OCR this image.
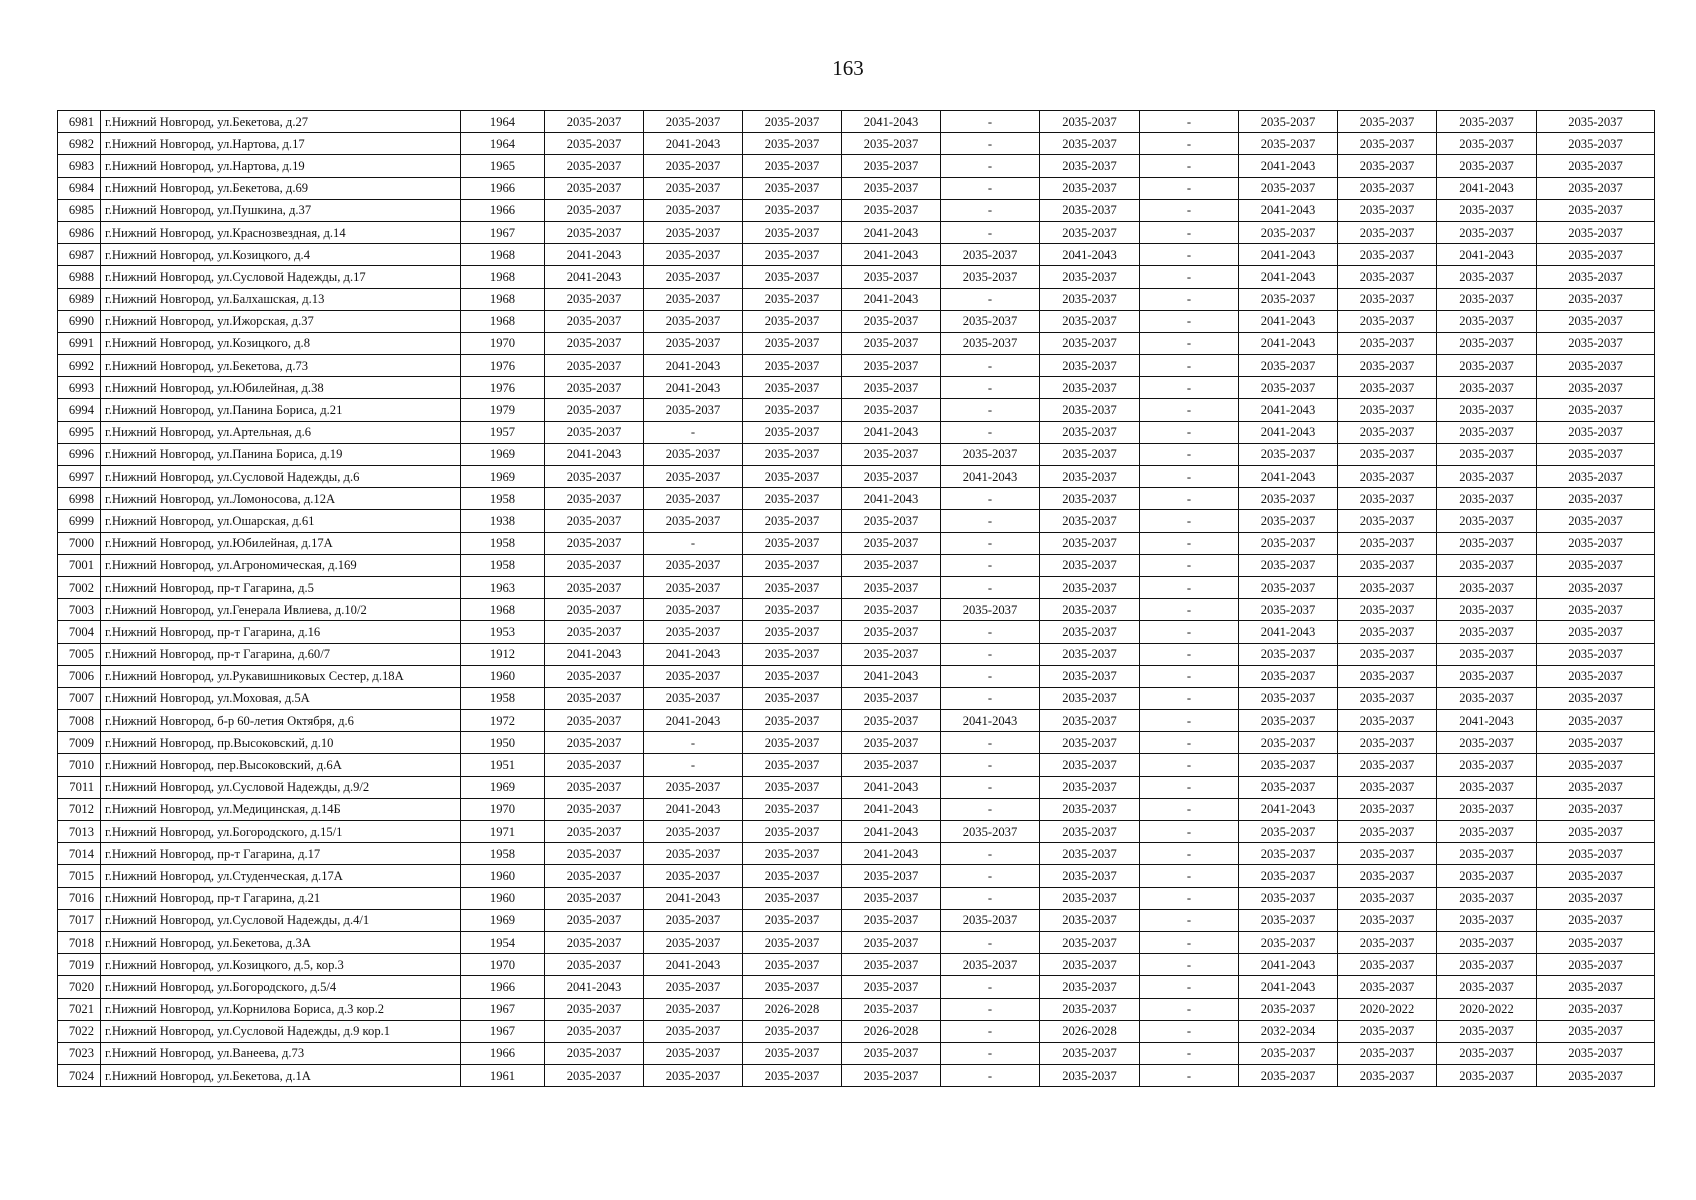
163
6981	г.Нижний Новгород, ул.Бекетова, д.27	1964	2035-2037	2035-2037	2035-2037	2041-2043	-	2035-2037	-	2035-2037	2035-2037	2035-2037	2035-2037
6982	г.Нижний Новгород, ул.Нартова, д.17	1964	2035-2037	2041-2043	2035-2037	2035-2037	-	2035-2037	-	2035-2037	2035-2037	2035-2037	2035-2037
6983	г.Нижний Новгород, ул.Нартова, д.19	1965	2035-2037	2035-2037	2035-2037	2035-2037	-	2035-2037	-	2041-2043	2035-2037	2035-2037	2035-2037
6984	г.Нижний Новгород, ул.Бекетова, д.69	1966	2035-2037	2035-2037	2035-2037	2035-2037	-	2035-2037	-	2035-2037	2035-2037	2041-2043	2035-2037
6985	г.Нижний Новгород, ул.Пушкина, д.37	1966	2035-2037	2035-2037	2035-2037	2035-2037	-	2035-2037	-	2041-2043	2035-2037	2035-2037	2035-2037
6986	г.Нижний Новгород, ул.Краснозвездная, д.14	1967	2035-2037	2035-2037	2035-2037	2041-2043	-	2035-2037	-	2035-2037	2035-2037	2035-2037	2035-2037
6987	г.Нижний Новгород, ул.Козицкого, д.4	1968	2041-2043	2035-2037	2035-2037	2041-2043	2035-2037	2041-2043	-	2041-2043	2035-2037	2041-2043	2035-2037
6988	г.Нижний Новгород, ул.Сусловой Надежды, д.17	1968	2041-2043	2035-2037	2035-2037	2035-2037	2035-2037	2035-2037	-	2041-2043	2035-2037	2035-2037	2035-2037
6989	г.Нижний Новгород, ул.Балхашская, д.13	1968	2035-2037	2035-2037	2035-2037	2041-2043	-	2035-2037	-	2035-2037	2035-2037	2035-2037	2035-2037
6990	г.Нижний Новгород, ул.Ижорская, д.37	1968	2035-2037	2035-2037	2035-2037	2035-2037	2035-2037	2035-2037	-	2041-2043	2035-2037	2035-2037	2035-2037
6991	г.Нижний Новгород, ул.Козицкого, д.8	1970	2035-2037	2035-2037	2035-2037	2035-2037	2035-2037	2035-2037	-	2041-2043	2035-2037	2035-2037	2035-2037
6992	г.Нижний Новгород, ул.Бекетова, д.73	1976	2035-2037	2041-2043	2035-2037	2035-2037	-	2035-2037	-	2035-2037	2035-2037	2035-2037	2035-2037
6993	г.Нижний Новгород, ул.Юбилейная, д.38	1976	2035-2037	2041-2043	2035-2037	2035-2037	-	2035-2037	-	2035-2037	2035-2037	2035-2037	2035-2037
6994	г.Нижний Новгород, ул.Панина Бориса, д.21	1979	2035-2037	2035-2037	2035-2037	2035-2037	-	2035-2037	-	2041-2043	2035-2037	2035-2037	2035-2037
6995	г.Нижний Новгород, ул.Артельная, д.6	1957	2035-2037	-	2035-2037	2041-2043	-	2035-2037	-	2041-2043	2035-2037	2035-2037	2035-2037
6996	г.Нижний Новгород, ул.Панина Бориса, д.19	1969	2041-2043	2035-2037	2035-2037	2035-2037	2035-2037	2035-2037	-	2035-2037	2035-2037	2035-2037	2035-2037
6997	г.Нижний Новгород, ул.Сусловой Надежды, д.6	1969	2035-2037	2035-2037	2035-2037	2035-2037	2041-2043	2035-2037	-	2041-2043	2035-2037	2035-2037	2035-2037
6998	г.Нижний Новгород, ул.Ломоносова, д.12А	1958	2035-2037	2035-2037	2035-2037	2041-2043	-	2035-2037	-	2035-2037	2035-2037	2035-2037	2035-2037
6999	г.Нижний Новгород, ул.Ошарская, д.61	1938	2035-2037	2035-2037	2035-2037	2035-2037	-	2035-2037	-	2035-2037	2035-2037	2035-2037	2035-2037
7000	г.Нижний Новгород, ул.Юбилейная, д.17А	1958	2035-2037	-	2035-2037	2035-2037	-	2035-2037	-	2035-2037	2035-2037	2035-2037	2035-2037
7001	г.Нижний Новгород, ул.Агрономическая, д.169	1958	2035-2037	2035-2037	2035-2037	2035-2037	-	2035-2037	-	2035-2037	2035-2037	2035-2037	2035-2037
7002	г.Нижний Новгород, пр-т Гагарина, д.5	1963	2035-2037	2035-2037	2035-2037	2035-2037	-	2035-2037	-	2035-2037	2035-2037	2035-2037	2035-2037
7003	г.Нижний Новгород, ул.Генерала Ивлиева, д.10/2	1968	2035-2037	2035-2037	2035-2037	2035-2037	2035-2037	2035-2037	-	2035-2037	2035-2037	2035-2037	2035-2037
7004	г.Нижний Новгород, пр-т Гагарина, д.16	1953	2035-2037	2035-2037	2035-2037	2035-2037	-	2035-2037	-	2041-2043	2035-2037	2035-2037	2035-2037
7005	г.Нижний Новгород, пр-т Гагарина, д.60/7	1912	2041-2043	2041-2043	2035-2037	2035-2037	-	2035-2037	-	2035-2037	2035-2037	2035-2037	2035-2037
7006	г.Нижний Новгород, ул.Рукавишниковых Сестер, д.18А	1960	2035-2037	2035-2037	2035-2037	2041-2043	-	2035-2037	-	2035-2037	2035-2037	2035-2037	2035-2037
7007	г.Нижний Новгород, ул.Моховая, д.5А	1958	2035-2037	2035-2037	2035-2037	2035-2037	-	2035-2037	-	2035-2037	2035-2037	2035-2037	2035-2037
7008	г.Нижний Новгород, б-р 60-летия Октября, д.6	1972	2035-2037	2041-2043	2035-2037	2035-2037	2041-2043	2035-2037	-	2035-2037	2035-2037	2041-2043	2035-2037
7009	г.Нижний Новгород, пр.Высоковский, д.10	1950	2035-2037	-	2035-2037	2035-2037	-	2035-2037	-	2035-2037	2035-2037	2035-2037	2035-2037
7010	г.Нижний Новгород, пер.Высоковский, д.6А	1951	2035-2037	-	2035-2037	2035-2037	-	2035-2037	-	2035-2037	2035-2037	2035-2037	2035-2037
7011	г.Нижний Новгород, ул.Сусловой Надежды, д.9/2	1969	2035-2037	2035-2037	2035-2037	2041-2043	-	2035-2037	-	2035-2037	2035-2037	2035-2037	2035-2037
7012	г.Нижний Новгород, ул.Медицинская, д.14Б	1970	2035-2037	2041-2043	2035-2037	2041-2043	-	2035-2037	-	2041-2043	2035-2037	2035-2037	2035-2037
7013	г.Нижний Новгород, ул.Богородского, д.15/1	1971	2035-2037	2035-2037	2035-2037	2041-2043	2035-2037	2035-2037	-	2035-2037	2035-2037	2035-2037	2035-2037
7014	г.Нижний Новгород, пр-т Гагарина, д.17	1958	2035-2037	2035-2037	2035-2037	2041-2043	-	2035-2037	-	2035-2037	2035-2037	2035-2037	2035-2037
7015	г.Нижний Новгород, ул.Студенческая, д.17А	1960	2035-2037	2035-2037	2035-2037	2035-2037	-	2035-2037	-	2035-2037	2035-2037	2035-2037	2035-2037
7016	г.Нижний Новгород, пр-т Гагарина, д.21	1960	2035-2037	2041-2043	2035-2037	2035-2037	-	2035-2037	-	2035-2037	2035-2037	2035-2037	2035-2037
7017	г.Нижний Новгород, ул.Сусловой Надежды, д.4/1	1969	2035-2037	2035-2037	2035-2037	2035-2037	2035-2037	2035-2037	-	2035-2037	2035-2037	2035-2037	2035-2037
7018	г.Нижний Новгород, ул.Бекетова, д.3А	1954	2035-2037	2035-2037	2035-2037	2035-2037	-	2035-2037	-	2035-2037	2035-2037	2035-2037	2035-2037
7019	г.Нижний Новгород, ул.Козицкого, д.5, кор.3	1970	2035-2037	2041-2043	2035-2037	2035-2037	2035-2037	2035-2037	-	2041-2043	2035-2037	2035-2037	2035-2037
7020	г.Нижний Новгород, ул.Богородского, д.5/4	1966	2041-2043	2035-2037	2035-2037	2035-2037	-	2035-2037	-	2041-2043	2035-2037	2035-2037	2035-2037
7021	г.Нижний Новгород, ул.Корнилова Бориса, д.3 кор.2	1967	2035-2037	2035-2037	2026-2028	2035-2037	-	2035-2037	-	2035-2037	2020-2022	2020-2022	2035-2037
7022	г.Нижний Новгород, ул.Сусловой Надежды, д.9 кор.1	1967	2035-2037	2035-2037	2035-2037	2026-2028	-	2026-2028	-	2032-2034	2035-2037	2035-2037	2035-2037
7023	г.Нижний Новгород, ул.Ванеева, д.73	1966	2035-2037	2035-2037	2035-2037	2035-2037	-	2035-2037	-	2035-2037	2035-2037	2035-2037	2035-2037
7024	г.Нижний Новгород, ул.Бекетова, д.1А	1961	2035-2037	2035-2037	2035-2037	2035-2037	-	2035-2037	-	2035-2037	2035-2037	2035-2037	2035-2037
